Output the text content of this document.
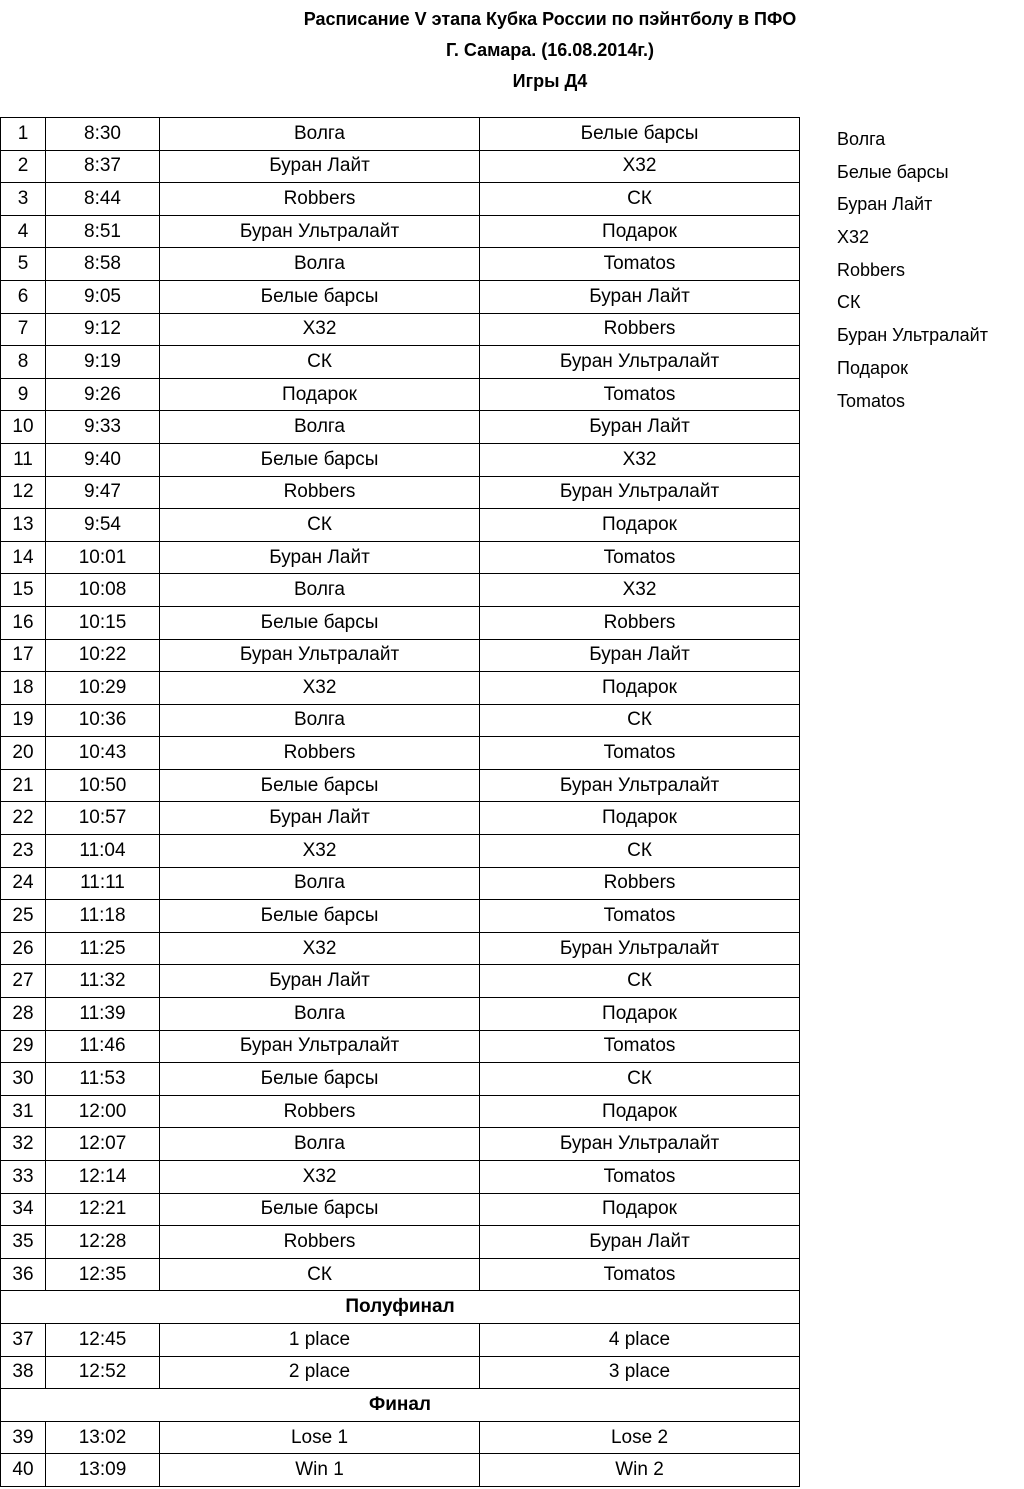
Расписание V этапа Кубка России по пэйнтболу в ПФО
Г. Самара. (16.08.2014г.)
Игры Д4
1	8:30	Волга	Белые барсы
2	8:37	Буран Лайт	Х32
3	8:44	Robbers	СК
4	8:51	Буран Ультралайт	Подарок
5	8:58	Волга	Tomatos
6	9:05	Белые барсы	Буран Лайт
7	9:12	Х32	Robbers
8	9:19	СК	Буран Ультралайт
9	9:26	Подарок	Tomatos
10	9:33	Волга	Буран Лайт
11	9:40	Белые барсы	Х32
12	9:47	Robbers	Буран Ультралайт
13	9:54	СК	Подарок
14	10:01	Буран Лайт	Tomatos
15	10:08	Волга	Х32
16	10:15	Белые барсы	Robbers
17	10:22	Буран Ультралайт	Буран Лайт
18	10:29	Х32	Подарок
19	10:36	Волга	СК
20	10:43	Robbers	Tomatos
21	10:50	Белые барсы	Буран Ультралайт
22	10:57	Буран Лайт	Подарок
23	11:04	Х32	СК
24	11:11	Волга	Robbers
25	11:18	Белые барсы	Tomatos
26	11:25	Х32	Буран Ультралайт
27	11:32	Буран Лайт	СК
28	11:39	Волга	Подарок
29	11:46	Буран Ультралайт	Tomatos
30	11:53	Белые барсы	СК
31	12:00	Robbers	Подарок
32	12:07	Волга	Буран Ультралайт
33	12:14	Х32	Tomatos
34	12:21	Белые барсы	Подарок
35	12:28	Robbers	Буран Лайт
36	12:35	СК	Tomatos
Полуфинал			
37	12:45	1 place	4 place
38	12:52	2 place	3 place
Финал			
39	13:02	Lose 1	Lose 2
40	13:09	Win 1	Win 2
Волга
Белые барсы
Буран Лайт
Х32
Robbers
СК
Буран Ультралайт
Подарок
Tomatos
